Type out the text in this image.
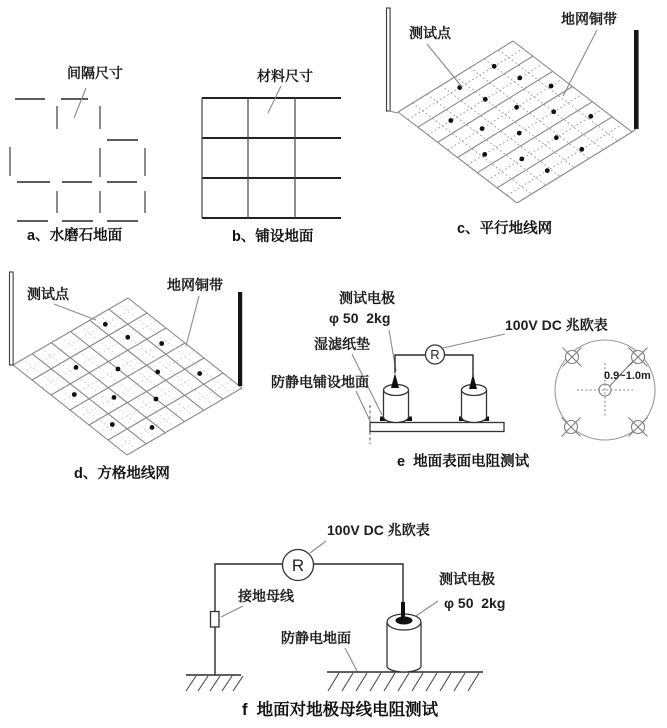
R
R
间隔尺寸
a、水磨石地面
材料尺寸
b、铺设地面
测试点
地网铜带
c、平行地线网
测试点
地网铜带
d、方格地线网
测试电极
φ 50  2kg
湿滤纸垫
防静电铺设地面
100V DC 兆欧表
0.9~1.0m
e  地面表面电阻测试
100V DC 兆欧表
接地母线
防静电地面
测试电极
φ 50  2kg
f  地面对地极母线电阻测试
